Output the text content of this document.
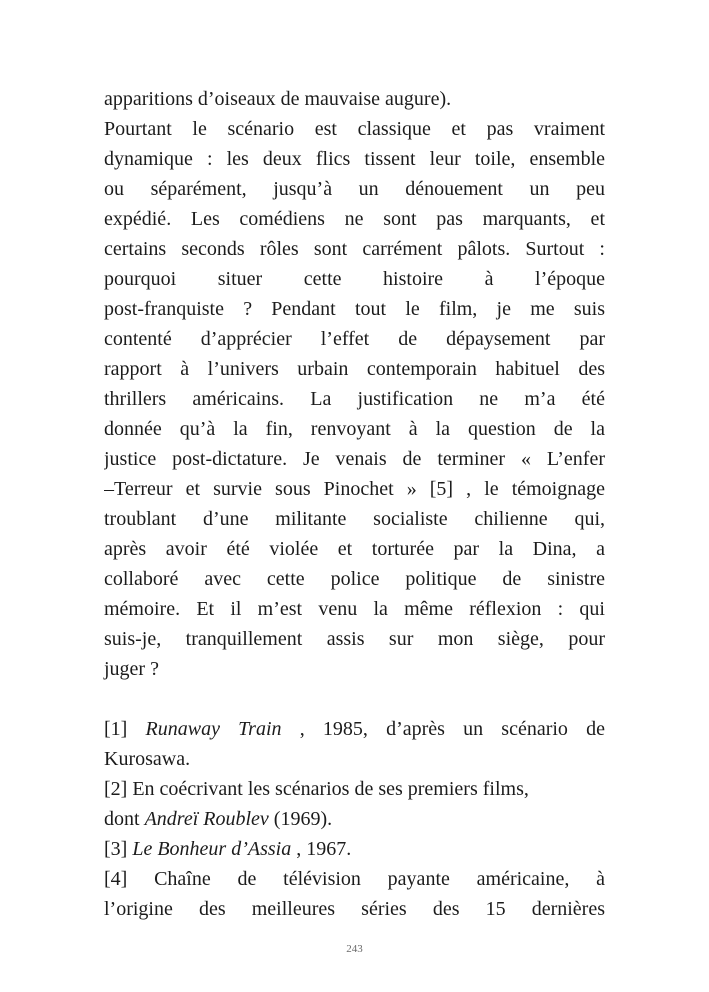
apparitions d’oiseaux de mauvaise augure).
Pourtant le scénario est classique et pas vraiment
dynamique : les deux flics tissent leur toile, ensemble
ou séparément, jusqu’à un dénouement un peu
expédié. Les comédiens ne sont pas marquants, et
certains seconds rôles sont carrément pâlots. Surtout :
pourquoi situer cette histoire à l’époque
post-franquiste ? Pendant tout le film, je me suis
contenté d’apprécier l’effet de dépaysement par
rapport à l’univers urbain contemporain habituel des
thrillers américains. La justification ne m’a été
donnée qu’à la fin, renvoyant à la question de la
justice post-dictature. Je venais de terminer « L’enfer
–Terreur et survie sous Pinochet » [5] , le témoignage
troublant d’une militante socialiste chilienne qui,
après avoir été violée et torturée par la Dina, a
collaboré avec cette police politique de sinistre
mémoire. Et il m’est venu la même réflexion : qui
suis-je, tranquillement assis sur mon siège, pour
juger ?
[1] Runaway Train , 1985, d’après un scénario de
Kurosawa.
[2] En coécrivant les scénarios de ses premiers films,
dont Andreï Roublev (1969).
[3] Le Bonheur d’Assia , 1967.
[4] Chaîne de télévision payante américaine, à
l’origine des meilleures séries des 15 dernières
243
